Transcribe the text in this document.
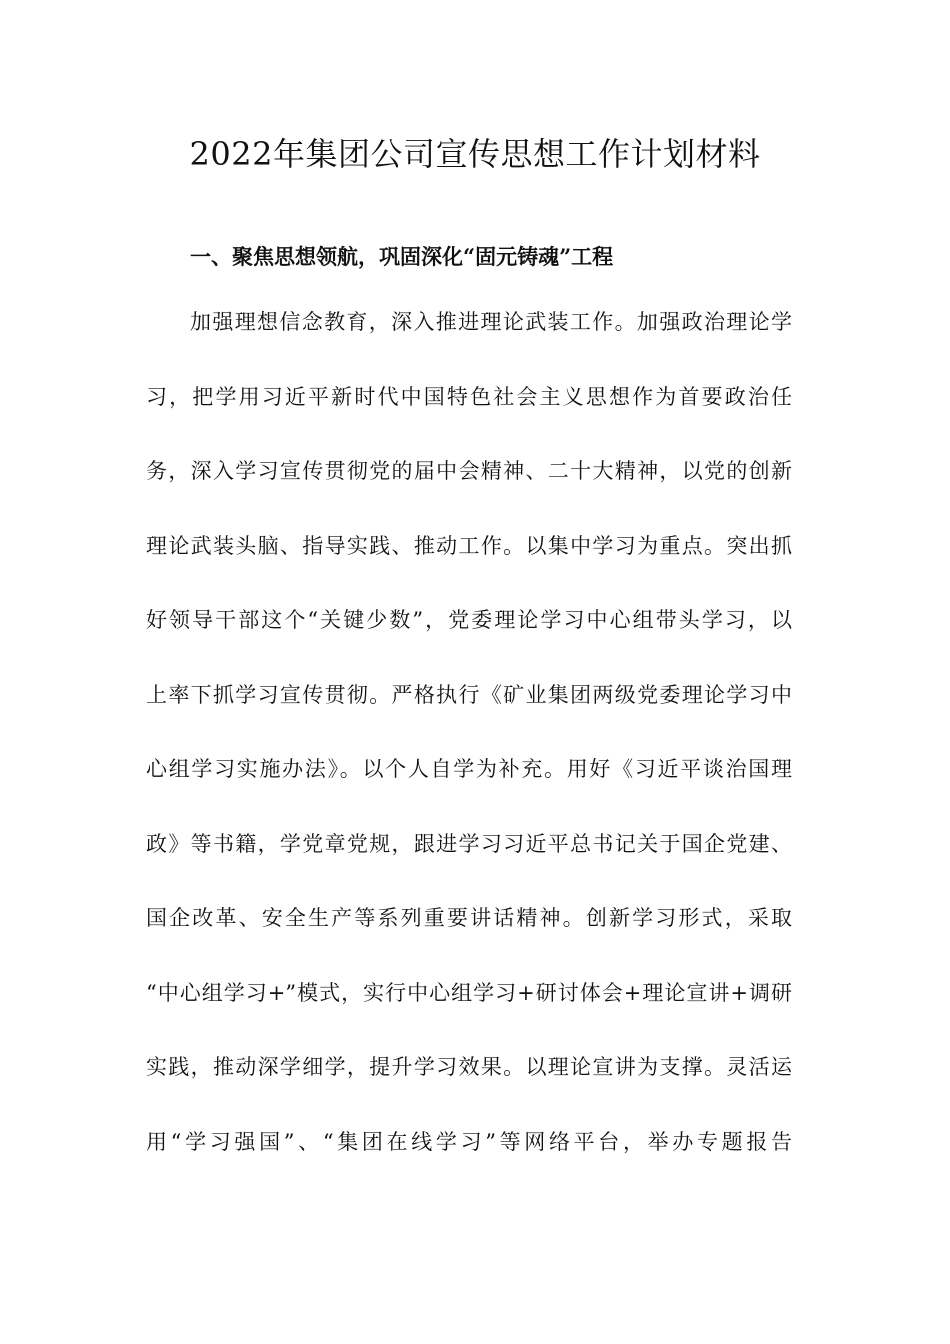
2022年集团公司宣传思想工作计划材料
一、聚焦思想领航，巩固深化“固元铸魂”工程
加强理想信念教育，深入推进理论武装工作。加强政治理论学
习，把学用习近平新时代中国特色社会主义思想作为首要政治任
务，深入学习宣传贯彻党的届中会精神、二十大精神，以党的创新
理论武装头脑、指导实践、推动工作。以集中学习为重点。突出抓
好领导干部这个“关键少数”，党委理论学习中心组带头学习，以
上率下抓学习宣传贯彻。严格执行《矿业集团两级党委理论学习中
心组学习实施办法》。以个人自学为补充。用好《习近平谈治国理
政》等书籍，学党章党规，跟进学习习近平总书记关于国企党建、
国企改革、安全生产等系列重要讲话精神。创新学习形式，采取
“中心组学习+”模式，实行中心组学习+研讨体会+理论宣讲+调研
实践，推动深学细学，提升学习效果。以理论宣讲为支撑。灵活运
用“学习强国”、“集团在线学习”等网络平台，举办专题报告
